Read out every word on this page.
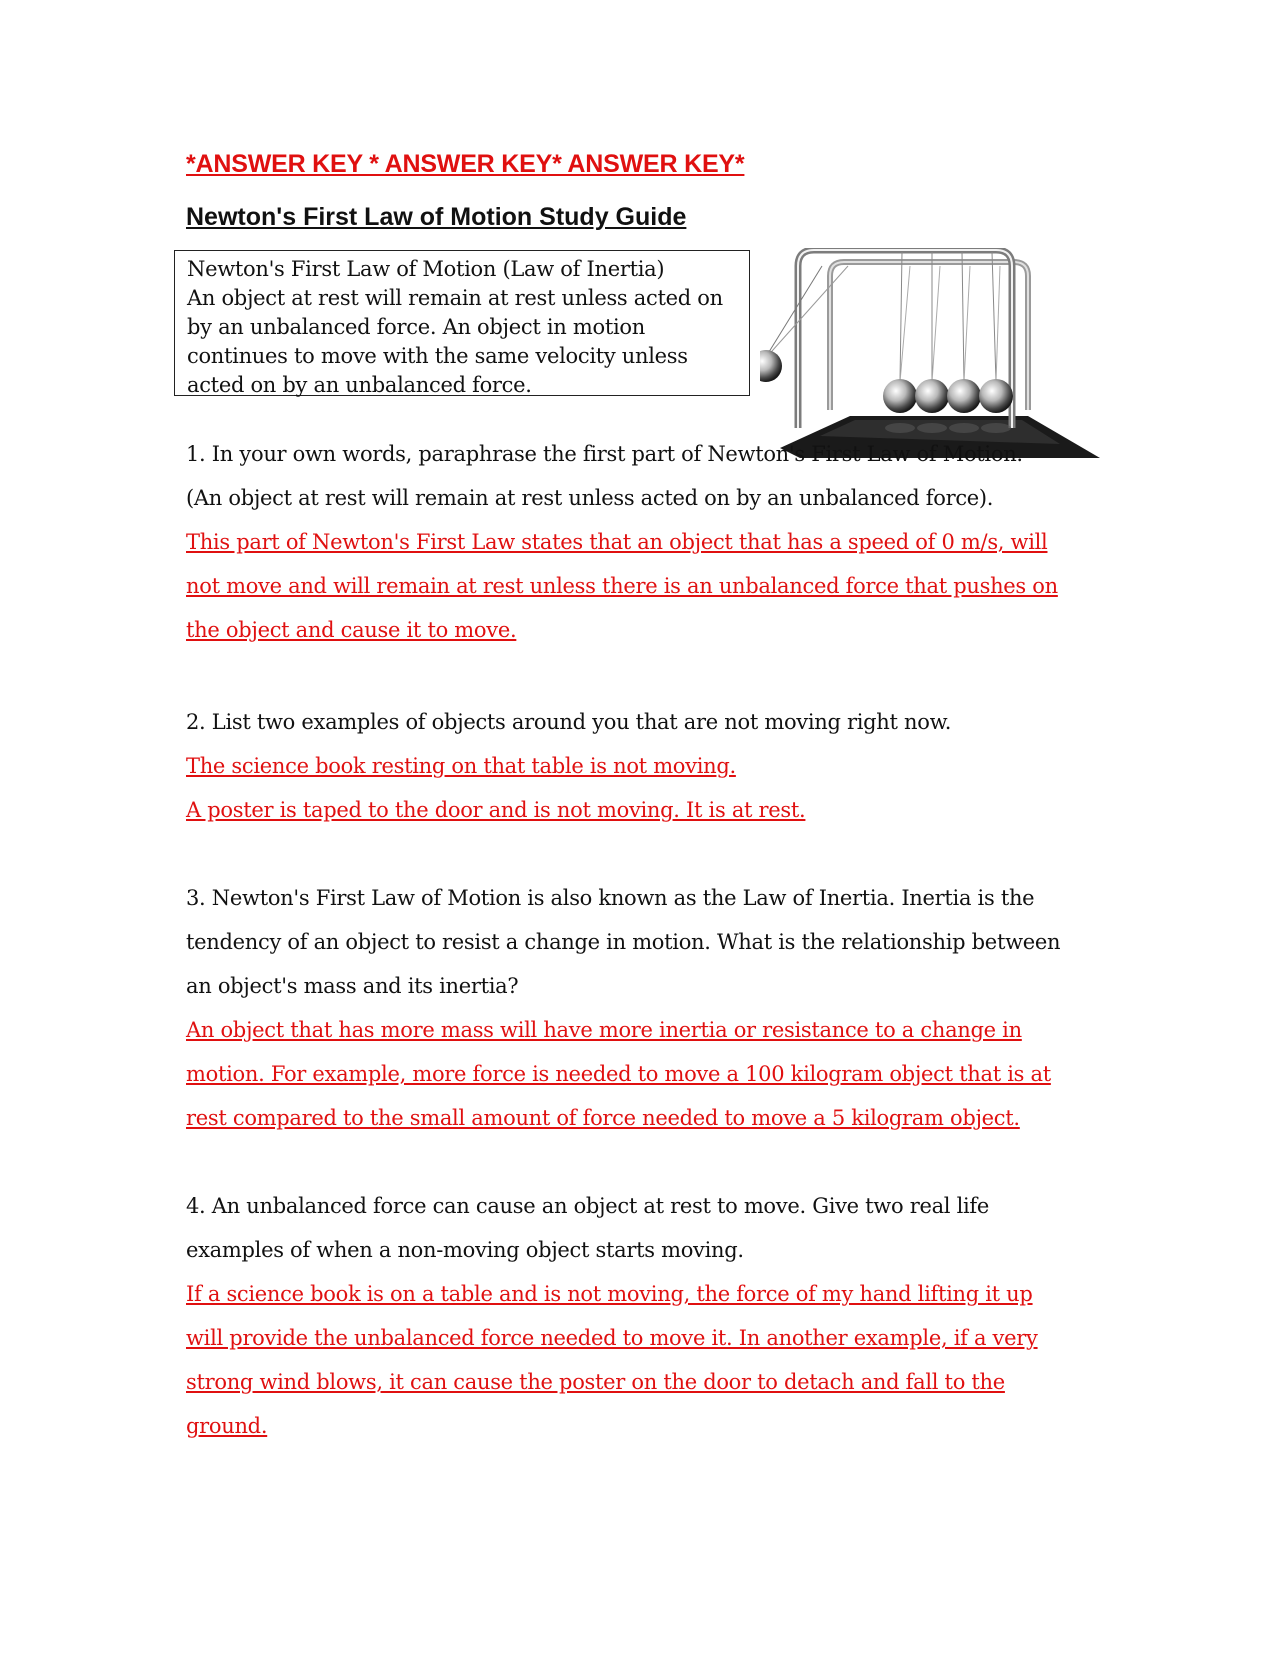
*ANSWER KEY * ANSWER KEY* ANSWER KEY*
Newton's First Law of Motion Study Guide
Newton's First Law of Motion (Law of Inertia)
An object at rest will remain at rest unless acted on
by an unbalanced force. An object in motion
continues to move with the same velocity unless
acted on by an unbalanced force.
1. In your own words, paraphrase the first part of Newton's First Law of Motion.
(An object at rest will remain at rest unless acted on by an unbalanced force).
This part of Newton's First Law states that an object that has a speed of 0 m/s, will
not move and will remain at rest unless there is an unbalanced force that pushes on
the object and cause it to move.
2. List two examples of objects around you that are not moving right now.
The science book resting on that table is not moving.
A poster is taped to the door and is not moving. It is at rest.
3. Newton's First Law of Motion is also known as the Law of Inertia. Inertia is the
tendency of an object to resist a change in motion. What is the relationship between
an object's mass and its inertia?
An object that has more mass will have more inertia or resistance to a change in
motion. For example, more force is needed to move a 100 kilogram object that is at
rest compared to the small amount of force needed to move a 5 kilogram object.
4. An unbalanced force can cause an object at rest to move. Give two real life
examples of when a non-moving object starts moving.
If a science book is on a table and is not moving, the force of my hand lifting it up
will provide the unbalanced force needed to move it. In another example, if a very
strong wind blows, it can cause the poster on the door to detach and fall to the
ground.
